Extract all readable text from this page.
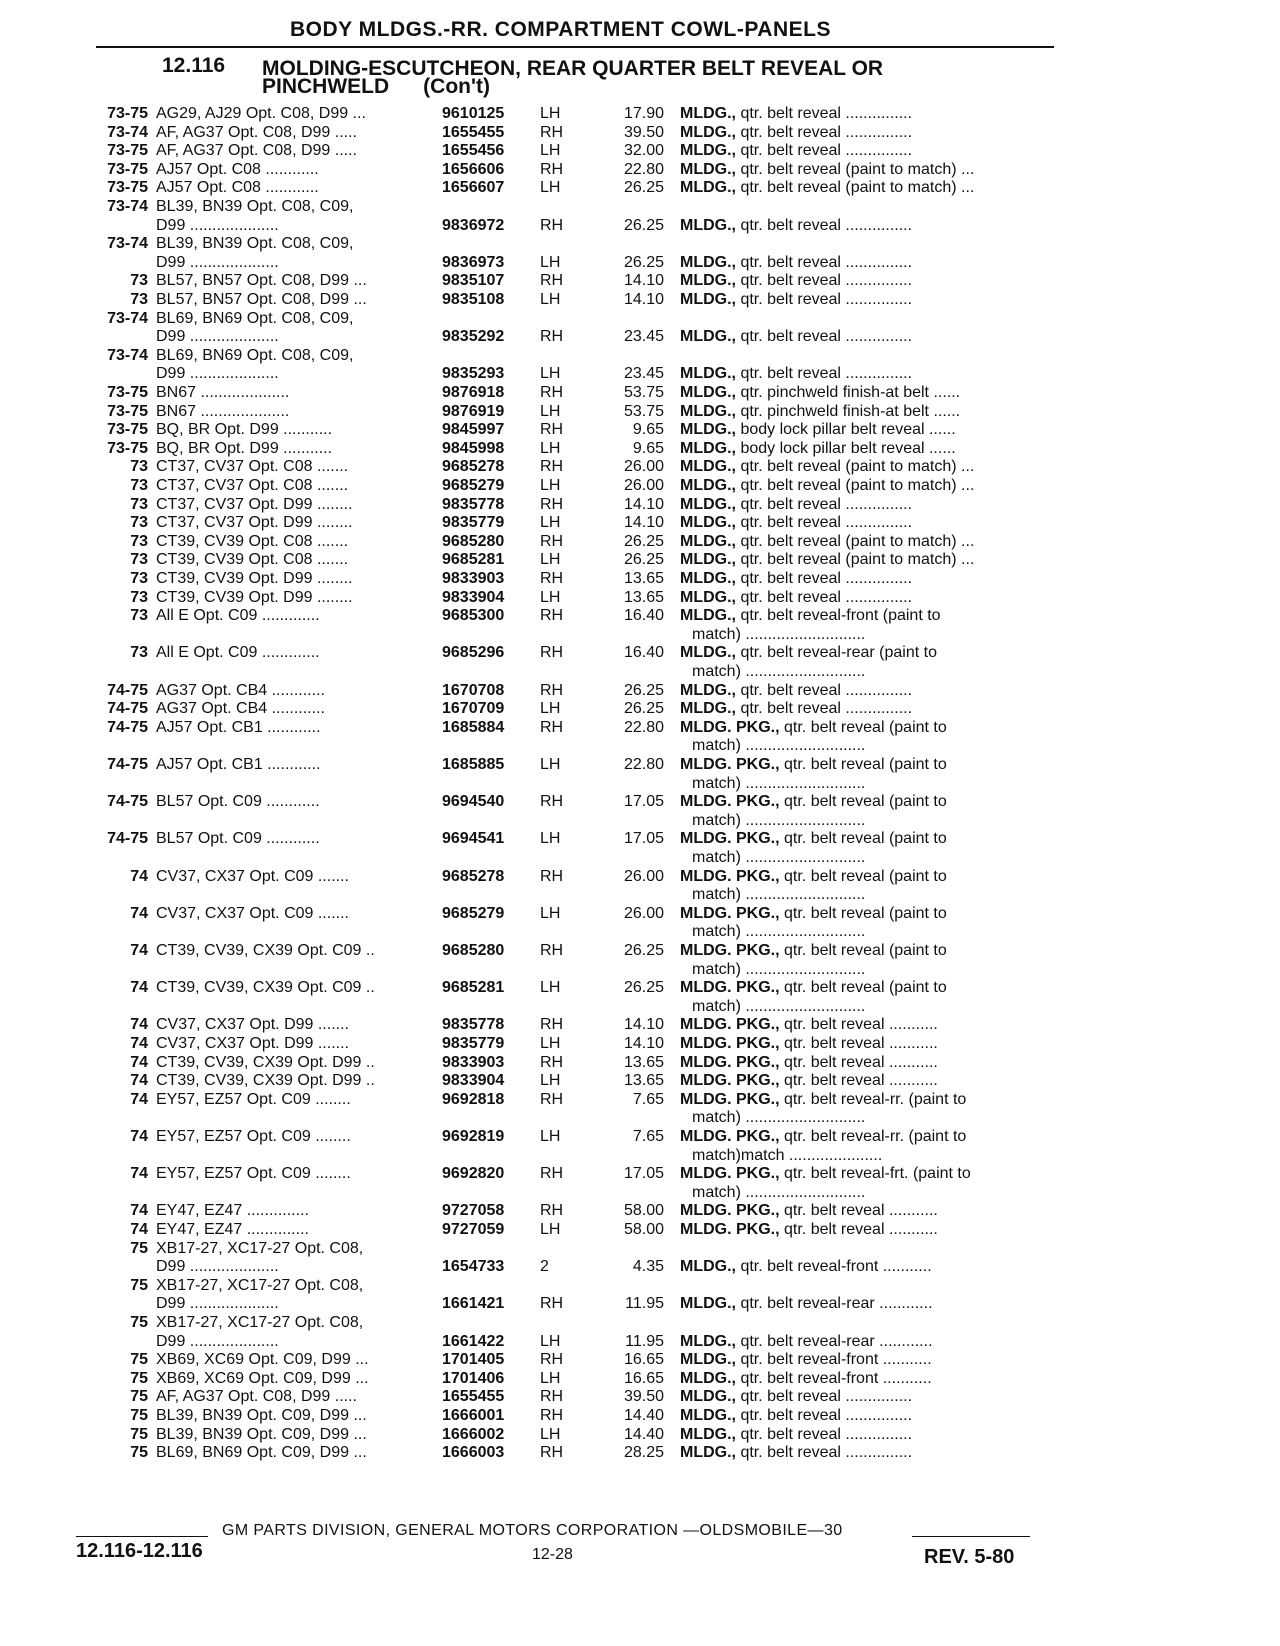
BODY MLDGS.-RR. COMPARTMENT COWL-PANELS
12.116 MOLDING-ESCUTCHEON, REAR QUARTER BELT REVEAL OR
PINCHWELD (Con't)
73-75 AG29, AJ29 Opt. C08, D99 ...	9610125	LH	17.90 MLDG., qtr. belt reveal ...............
73-74 AF, AG37 Opt. C08, D99 .....	1655455	RH	39.50 MLDG., qtr. belt reveal ...............
73-75 AF, AG37 Opt. C08, D99 .....	1655456	LH	32.00 MLDG., qtr. belt reveal ...............
73-75 AJ57 Opt. C08 ............	1656606	RH	22.80 MLDG., qtr. belt reveal (paint to match) ...
73-75 AJ57 Opt. C08 ............	1656607	LH	26.25 MLDG., qtr. belt reveal (paint to match) ...
73-74 BL39, BN39 Opt. C08, C09,
D99 ....................	9836972	RH	26.25 MLDG., qtr. belt reveal ...............
73-74 BL39, BN39 Opt. C08, C09,
D99 ....................	9836973	LH	26.25 MLDG., qtr. belt reveal ...............
73 BL57, BN57 Opt. C08, D99 ...	9835107	RH	14.10 MLDG., qtr. belt reveal ...............
73 BL57, BN57 Opt. C08, D99 ...	9835108	LH	14.10 MLDG., qtr. belt reveal ...............
73-74 BL69, BN69 Opt. C08, C09,
D99 ....................	9835292	RH	23.45 MLDG., qtr. belt reveal ...............
73-74 BL69, BN69 Opt. C08, C09,
D99 ....................	9835293	LH	23.45 MLDG., qtr. belt reveal ...............
73-75 BN67 ....................	9876918	RH	53.75 MLDG., qtr. pinchweld finish-at belt ......
73-75 BN67 ....................	9876919	LH	53.75 MLDG., qtr. pinchweld finish-at belt ......
73-75 BQ, BR Opt. D99 ...........	9845997	RH	9.65 MLDG., body lock pillar belt reveal ......
73-75 BQ, BR Opt. D99 ...........	9845998	LH	9.65 MLDG., body lock pillar belt reveal ......
73 CT37, CV37 Opt. C08 .......	9685278	RH	26.00 MLDG., qtr. belt reveal (paint to match) ...
73 CT37, CV37 Opt. C08 .......	9685279	LH	26.00 MLDG., qtr. belt reveal (paint to match) ...
73 CT37, CV37 Opt. D99 ........	9835778	RH	14.10 MLDG., qtr. belt reveal ...............
73 CT37, CV37 Opt. D99 ........	9835779	LH	14.10 MLDG., qtr. belt reveal ...............
73 CT39, CV39 Opt. C08 .......	9685280	RH	26.25 MLDG., qtr. belt reveal (paint to match) ...
73 CT39, CV39 Opt. C08 .......	9685281	LH	26.25 MLDG., qtr. belt reveal (paint to match) ...
73 CT39, CV39 Opt. D99 ........	9833903	RH	13.65 MLDG., qtr. belt reveal ...............
73 CT39, CV39 Opt. D99 ........	9833904	LH	13.65 MLDG., qtr. belt reveal ...............
73 All E Opt. C09 .............	9685300	RH	16.40 MLDG., qtr. belt reveal-front (paint to
match) ...........................
73 All E Opt. C09 .............	9685296	RH	16.40 MLDG., qtr. belt reveal-rear (paint to
match) ...........................
74-75 AG37 Opt. CB4 ............	1670708	RH	26.25 MLDG., qtr. belt reveal ...............
74-75 AG37 Opt. CB4 ............	1670709	LH	26.25 MLDG., qtr. belt reveal ...............
74-75 AJ57 Opt. CB1 ............	1685884	RH	22.80 MLDG. PKG., qtr. belt reveal (paint to
match) ...........................
74-75 AJ57 Opt. CB1 ............	1685885	LH	22.80 MLDG. PKG., qtr. belt reveal (paint to
match) ...........................
74-75 BL57 Opt. C09 ............	9694540	RH	17.05 MLDG. PKG., qtr. belt reveal (paint to
match) ...........................
74-75 BL57 Opt. C09 ............	9694541	LH	17.05 MLDG. PKG., qtr. belt reveal (paint to
match) ...........................
74 CV37, CX37 Opt. C09 .......	9685278	RH	26.00 MLDG. PKG., qtr. belt reveal (paint to
match) ...........................
74 CV37, CX37 Opt. C09 .......	9685279	LH	26.00 MLDG. PKG., qtr. belt reveal (paint to
match) ...........................
74 CT39, CV39, CX39 Opt. C09 ..	9685280	RH	26.25 MLDG. PKG., qtr. belt reveal (paint to
match) ...........................
74 CT39, CV39, CX39 Opt. C09 ..	9685281	LH	26.25 MLDG. PKG., qtr. belt reveal (paint to
match) ...........................
74 CV37, CX37 Opt. D99 .......	9835778	RH	14.10 MLDG. PKG., qtr. belt reveal ...........
74 CV37, CX37 Opt. D99 .......	9835779	LH	14.10 MLDG. PKG., qtr. belt reveal ...........
74 CT39, CV39, CX39 Opt. D99 ..	9833903	RH	13.65 MLDG. PKG., qtr. belt reveal ...........
74 CT39, CV39, CX39 Opt. D99 ..	9833904	LH	13.65 MLDG. PKG., qtr. belt reveal ...........
74 EY57, EZ57 Opt. C09 ........	9692818	RH	7.65 MLDG. PKG., qtr. belt reveal-rr. (paint to
match) ...........................
74 EY57, EZ57 Opt. C09 ........	9692819	LH	7.65 MLDG. PKG., qtr. belt reveal-rr. (paint to
match)match .....................
74 EY57, EZ57 Opt. C09 ........	9692820	RH	17.05 MLDG. PKG., qtr. belt reveal-frt. (paint to
match) ...........................
74 EY47, EZ47 ..............	9727058	RH	58.00 MLDG. PKG., qtr. belt reveal ...........
74 EY47, EZ47 ..............	9727059	LH	58.00 MLDG. PKG., qtr. belt reveal ...........
75 XB17-27, XC17-27 Opt. C08,
D99 ....................	1654733	2	4.35 MLDG., qtr. belt reveal-front ...........
75 XB17-27, XC17-27 Opt. C08,
D99 ....................	1661421	RH	11.95 MLDG., qtr. belt reveal-rear ............
75 XB17-27, XC17-27 Opt. C08,
D99 ....................	1661422	LH	11.95 MLDG., qtr. belt reveal-rear ............
75 XB69, XC69 Opt. C09, D99 ...	1701405	RH	16.65 MLDG., qtr. belt reveal-front ...........
75 XB69, XC69 Opt. C09, D99 ...	1701406	LH	16.65 MLDG., qtr. belt reveal-front ...........
75 AF, AG37 Opt. C08, D99 .....	1655455	RH	39.50 MLDG., qtr. belt reveal ...............
75 BL39, BN39 Opt. C09, D99 ...	1666001	RH	14.40 MLDG., qtr. belt reveal ...............
75 BL39, BN39 Opt. C09, D99 ...	1666002	LH	14.40 MLDG., qtr. belt reveal ...............
75 BL69, BN69 Opt. C09, D99 ...	1666003	RH	28.25 MLDG., qtr. belt reveal ...............
GM PARTS DIVISION, GENERAL MOTORS CORPORATION —OLDSMOBILE—30
12.116-12.116	12-28	REV. 5-80
